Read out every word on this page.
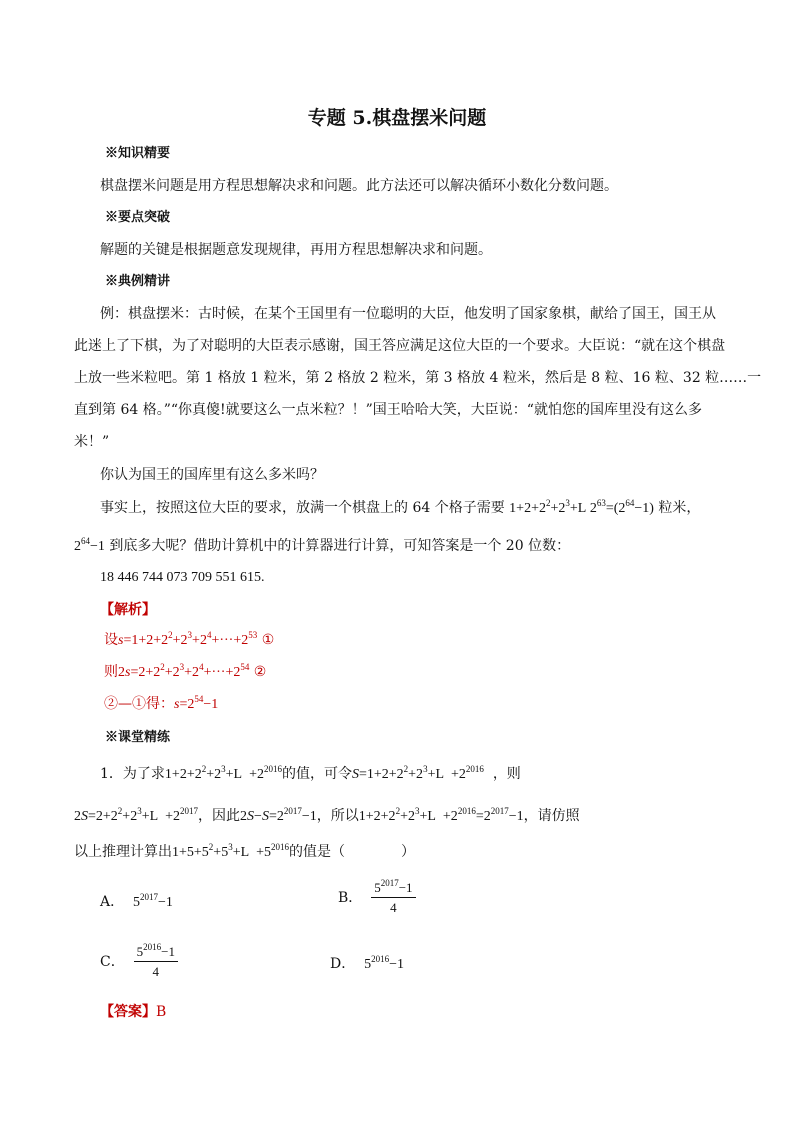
专题 5.棋盘摆米问题
※知识精要
棋盘摆米问题是用方程思想解决求和问题。此方法还可以解决循环小数化分数问题。
※要点突破
解题的关键是根据题意发现规律，再用方程思想解决求和问题。
※典例精讲
例：棋盘摆米：古时候，在某个王国里有一位聪明的大臣，他发明了国家象棋，献给了国王，国王从
此迷上了下棋，为了对聪明的大臣表示感谢，国王答应满足这位大臣的一个要求。大臣说：“就在这个棋盘
上放一些米粒吧。第 1 格放 1 粒米，第 2 格放 2 粒米，第 3 格放 4 粒米，然后是 8 粒、16 粒、32 粒……一
直到第 64 格。”“你真傻!就要这么一点米粒？！”国王哈哈大笑，大臣说：“就怕您的国库里没有这么多
米！”
你认为国王的国库里有这么多米吗？
事实上，按照这位大臣的要求，放满一个棋盘上的 64 个格子需要 $1+2+2^2+2^3+L$ $2^{63}=(2^{64}-1)$ 粒米，
$2^{64}-1$ 到底多大呢？借助计算机中的计算器进行计算，可知答案是一个 20 位数：
18 446 744 073 709 551 615.
【解析】
设$s=1+2+2^2+2^3+2^4+\cdot\cdot\cdot+2^{53}$ ①
则$2s=2+2^2+2^3+2^4+\cdot\cdot\cdot+2^{54}$ ②
②—①得：$s=2^{54}-1$
※课堂精练
1．为了求$1+2+2^2+2^3+L +2^{2016}$的值，可令$S=1+2+2^2+2^3+L +2^{2016}$ ，则
$2S=2+2^2+2^3+L +2^{2017}$，因此$2S-S=2^{2017}-1$，所以$1+2+2^2+2^3+L +2^{2016}=2^{2017}-1$，请仿照
以上推理计算出$1+5+5^2+5^3+L +5^{2016}$的值是（　　　　）
A． $5^{2017}-1$	B． $\frac{5^{2017}-1}{4}$
C． $\frac{5^{2016}-1}{4}$	D． $5^{2016}-1$
【答案】B
